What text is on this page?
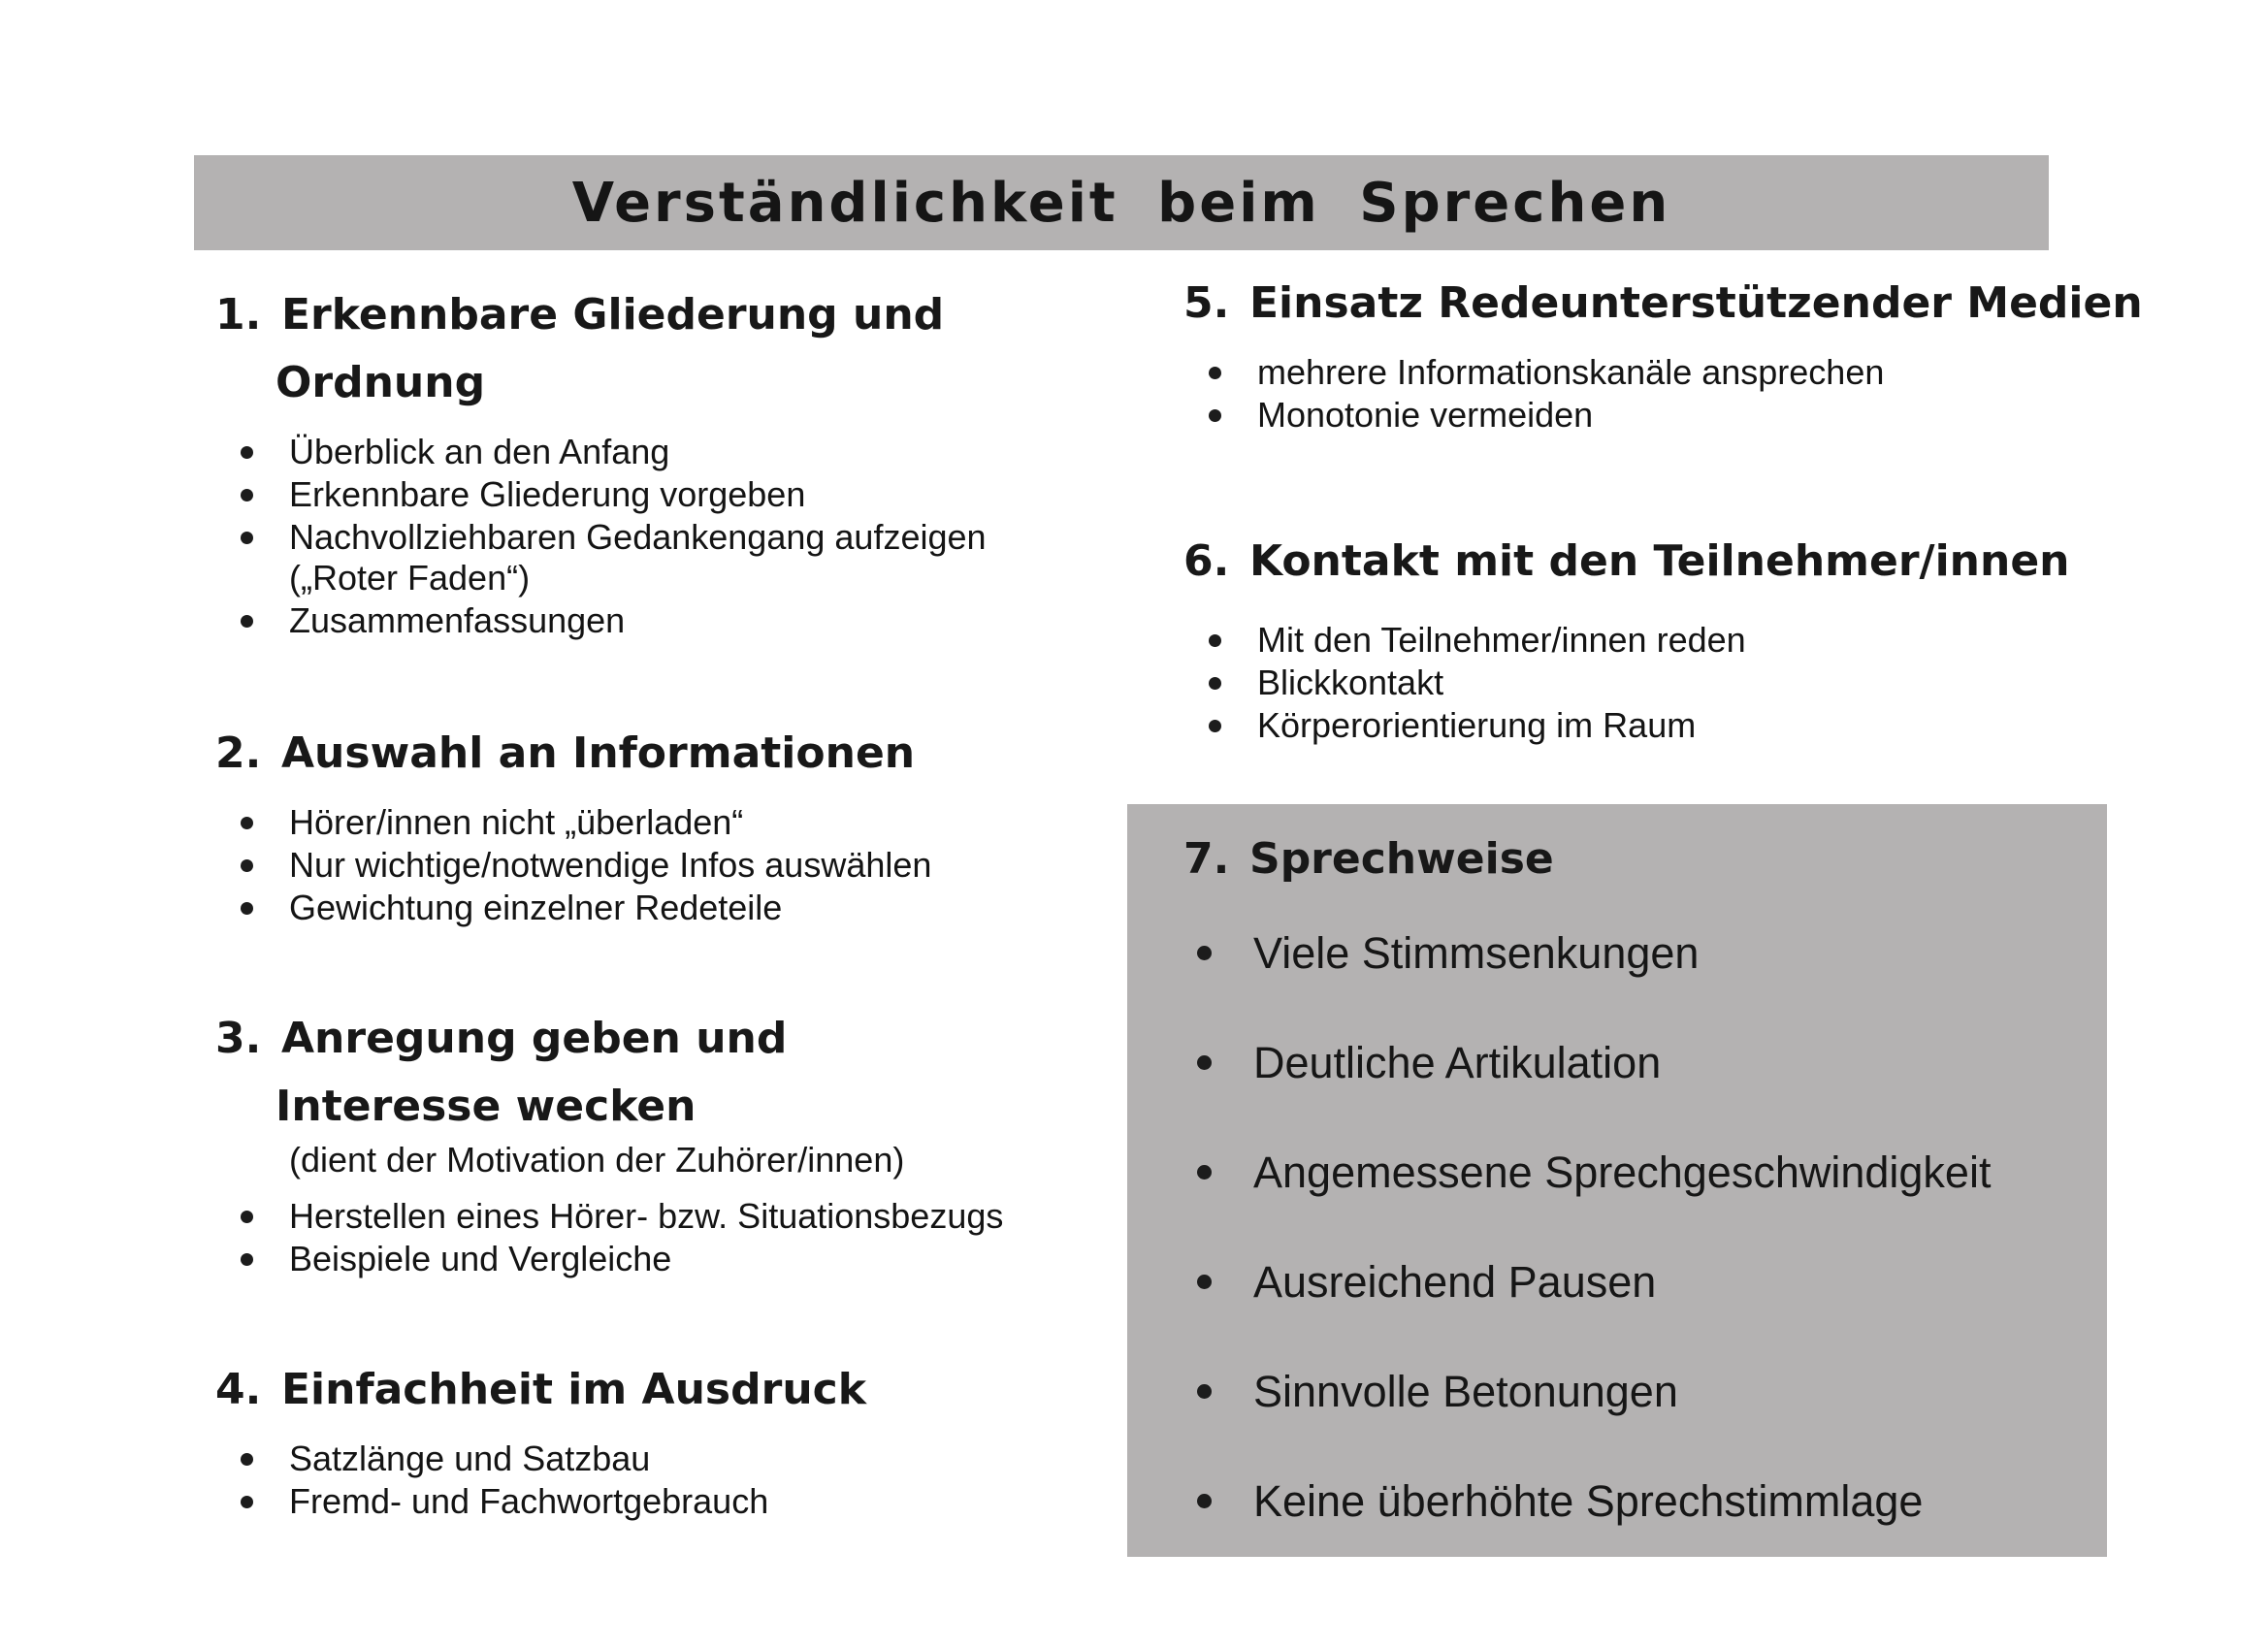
Verständlichkeit beim Sprechen
1. Erkennbare Gliederung und
Ordnung
Überblick an den Anfang
Erkennbare Gliederung vorgeben
Nachvollziehbaren Gedankengang aufzeigen
(„Roter Faden“)
Zusammenfassungen
2. Auswahl an Informationen
Hörer/innen nicht „überladen“
Nur wichtige/notwendige Infos auswählen
Gewichtung einzelner Redeteile
3. Anregung geben und
Interesse wecken
(dient der Motivation der Zuhörer/innen)
Herstellen eines Hörer- bzw. Situationsbezugs
Beispiele und Vergleiche
4. Einfachheit im Ausdruck
Satzlänge und Satzbau
Fremd- und Fachwortgebrauch
5. Einsatz Redeunterstützender Medien
mehrere Informationskanäle ansprechen
Monotonie vermeiden
6. Kontakt mit den Teilnehmer/innen
Mit den Teilnehmer/innen reden
Blickkontakt
Körperorientierung im Raum
7. Sprechweise
Viele Stimmsenkungen
Deutliche Artikulation
Angemessene Sprechgeschwindigkeit
Ausreichend Pausen
Sinnvolle Betonungen
Keine überhöhte Sprechstimmlage
